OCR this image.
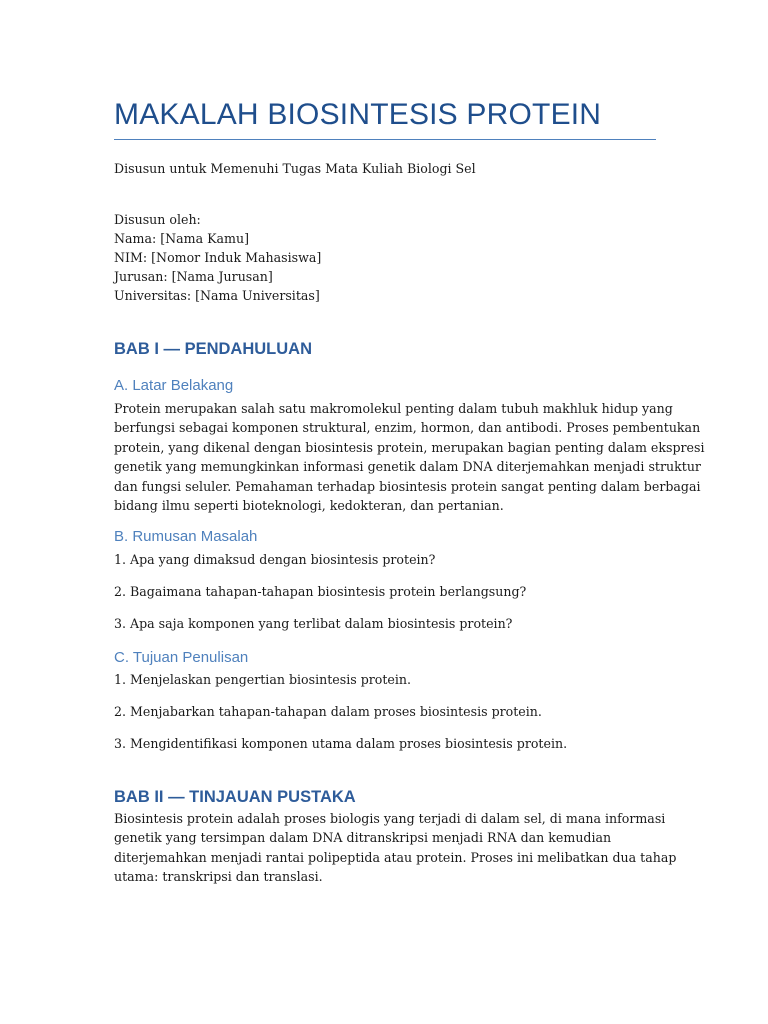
MAKALAH BIOSINTESIS PROTEIN
Disusun untuk Memenuhi Tugas Mata Kuliah Biologi Sel
Disusun oleh:
Nama: [Nama Kamu]
NIM: [Nomor Induk Mahasiswa]
Jurusan: [Nama Jurusan]
Universitas: [Nama Universitas]
BAB I — PENDAHULUAN
A. Latar Belakang
Protein merupakan salah satu makromolekul penting dalam tubuh makhluk hidup yang
berfungsi sebagai komponen struktural, enzim, hormon, dan antibodi. Proses pembentukan
protein, yang dikenal dengan biosintesis protein, merupakan bagian penting dalam ekspresi
genetik yang memungkinkan informasi genetik dalam DNA diterjemahkan menjadi struktur
dan fungsi seluler. Pemahaman terhadap biosintesis protein sangat penting dalam berbagai
bidang ilmu seperti bioteknologi, kedokteran, dan pertanian.
B. Rumusan Masalah
1. Apa yang dimaksud dengan biosintesis protein?
2. Bagaimana tahapan-tahapan biosintesis protein berlangsung?
3. Apa saja komponen yang terlibat dalam biosintesis protein?
C. Tujuan Penulisan
1. Menjelaskan pengertian biosintesis protein.
2. Menjabarkan tahapan-tahapan dalam proses biosintesis protein.
3. Mengidentifikasi komponen utama dalam proses biosintesis protein.
BAB II — TINJAUAN PUSTAKA
Biosintesis protein adalah proses biologis yang terjadi di dalam sel, di mana informasi
genetik yang tersimpan dalam DNA ditranskripsi menjadi RNA dan kemudian
diterjemahkan menjadi rantai polipeptida atau protein. Proses ini melibatkan dua tahap
utama: transkripsi dan translasi.
